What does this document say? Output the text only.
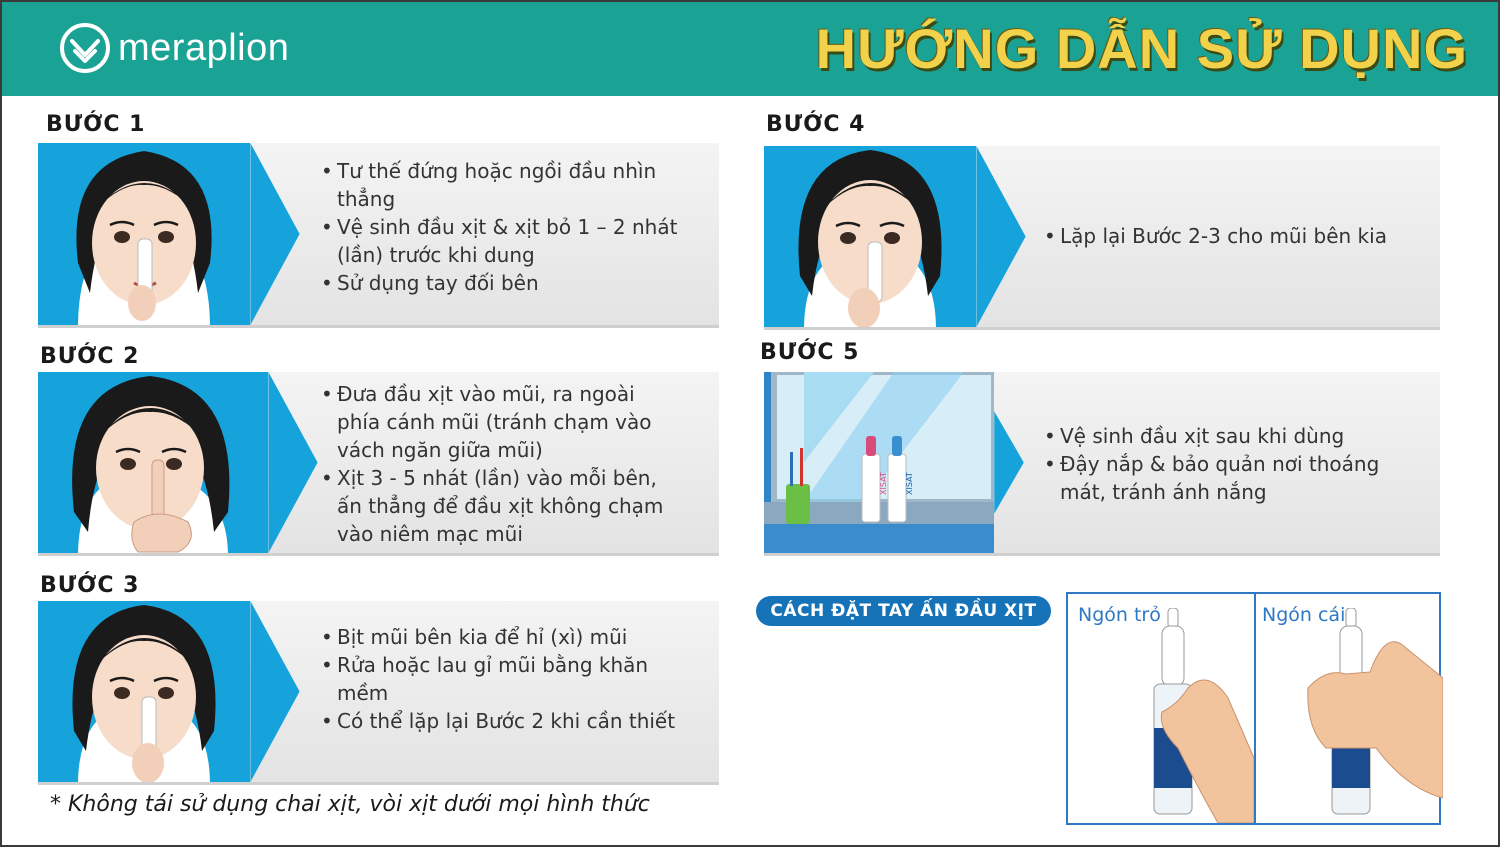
meraplion	HƯỚNG DẪN SỬ DỤNG
BƯỚC 1
• Tư thế đứng hoặc ngồi đầu nhìn thẳng
• Vệ sinh đầu xịt & xịt bỏ 1 – 2 nhát (lần) trước khi dung
• Sử dụng tay đối bên
BƯỚC 2
• Đưa đầu xịt vào mũi, ra ngoài phía cánh mũi (tránh chạm vào vách ngăn giữa mũi)
• Xịt 3 - 5 nhát (lần) vào mỗi bên, ấn thẳng để đầu xịt không chạm vào niêm mạc mũi
BƯỚC 3
• Bịt mũi bên kia để hỉ (xì) mũi
• Rửa hoặc lau gỉ mũi bằng khăn mềm
• Có thể lặp lại Bước 2 khi cần thiết
* Không tái sử dụng chai xịt, vòi xịt dưới mọi hình thức
BƯỚC 4
• Lặp lại Bước 2-3 cho mũi bên kia
BƯỚC 5
XISAT XISAT
• Vệ sinh đầu xịt sau khi dùng
• Đậy nắp & bảo quản nơi thoáng mát, tránh ánh nắng
CÁCH ĐẶT TAY ẤN ĐẦU XỊT	Ngón trỏ	Ngón cái
